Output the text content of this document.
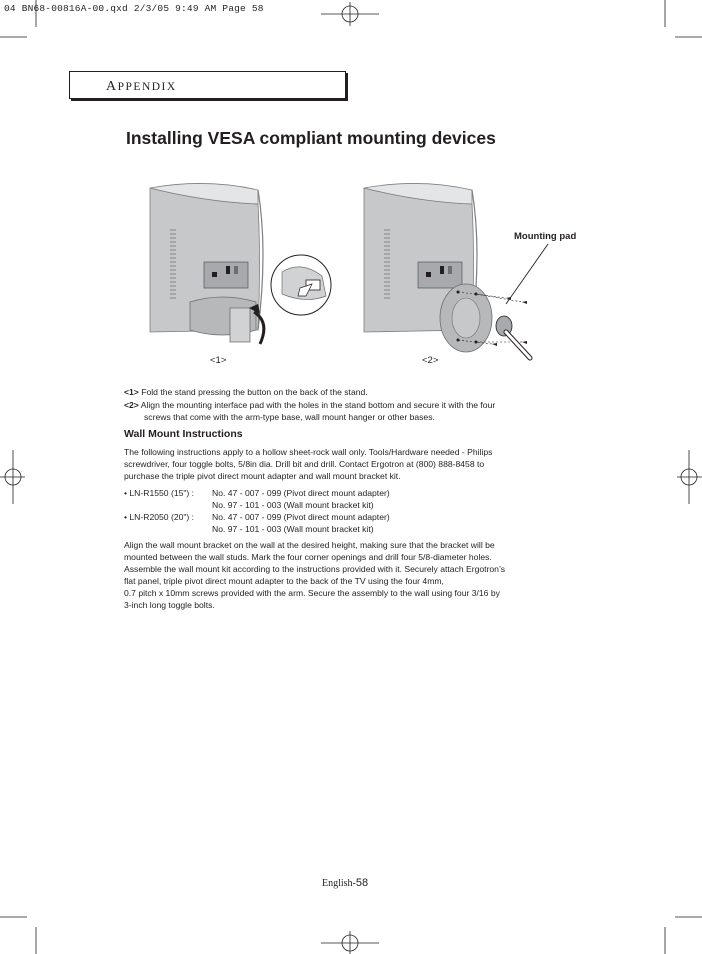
04 BN68-00816A-00.qxd 2/3/05 9:49 AM Page 58
APPENDIX
Installing VESA compliant mounting devices
Mounting pad
<1>	<2>
<1> Fold the stand pressing the button on the back of the stand.
<2> Align the mounting interface pad with the holes in the stand bottom and secure it with the four
screws that come with the arm-type base, wall mount hanger or other bases.
Wall Mount Instructions
The following instructions apply to a hollow sheet-rock wall only. Tools/Hardware needed - Philips
screwdriver, four toggle bolts, 5/8in dia. Drill bit and drill. Contact Ergotron at (800) 888-8458 to
purchase the triple pivot direct mount adapter and wall mount bracket kit.
• LN-R1550 (15") : No. 47 - 007 - 099 (Pivot direct mount adapter)
No. 97 - 101 - 003 (Wall mount bracket kit)
• LN-R2050 (20") : No. 47 - 007 - 099 (Pivot direct mount adapter)
No. 97 - 101 - 003 (Wall mount bracket kit)
Align the wall mount bracket on the wall at the desired height, making sure that the bracket will be
mounted between the wall studs. Mark the four corner openings and drill four 5/8-diameter holes.
Assemble the wall mount kit according to the instructions provided with it. Securely attach Ergotron’s
flat panel, triple pivot direct mount adapter to the back of the TV using the four 4mm,
0.7 pitch x 10mm screws provided with the arm. Secure the assembly to the wall using four 3/16 by
3-inch long toggle bolts.
English-58
